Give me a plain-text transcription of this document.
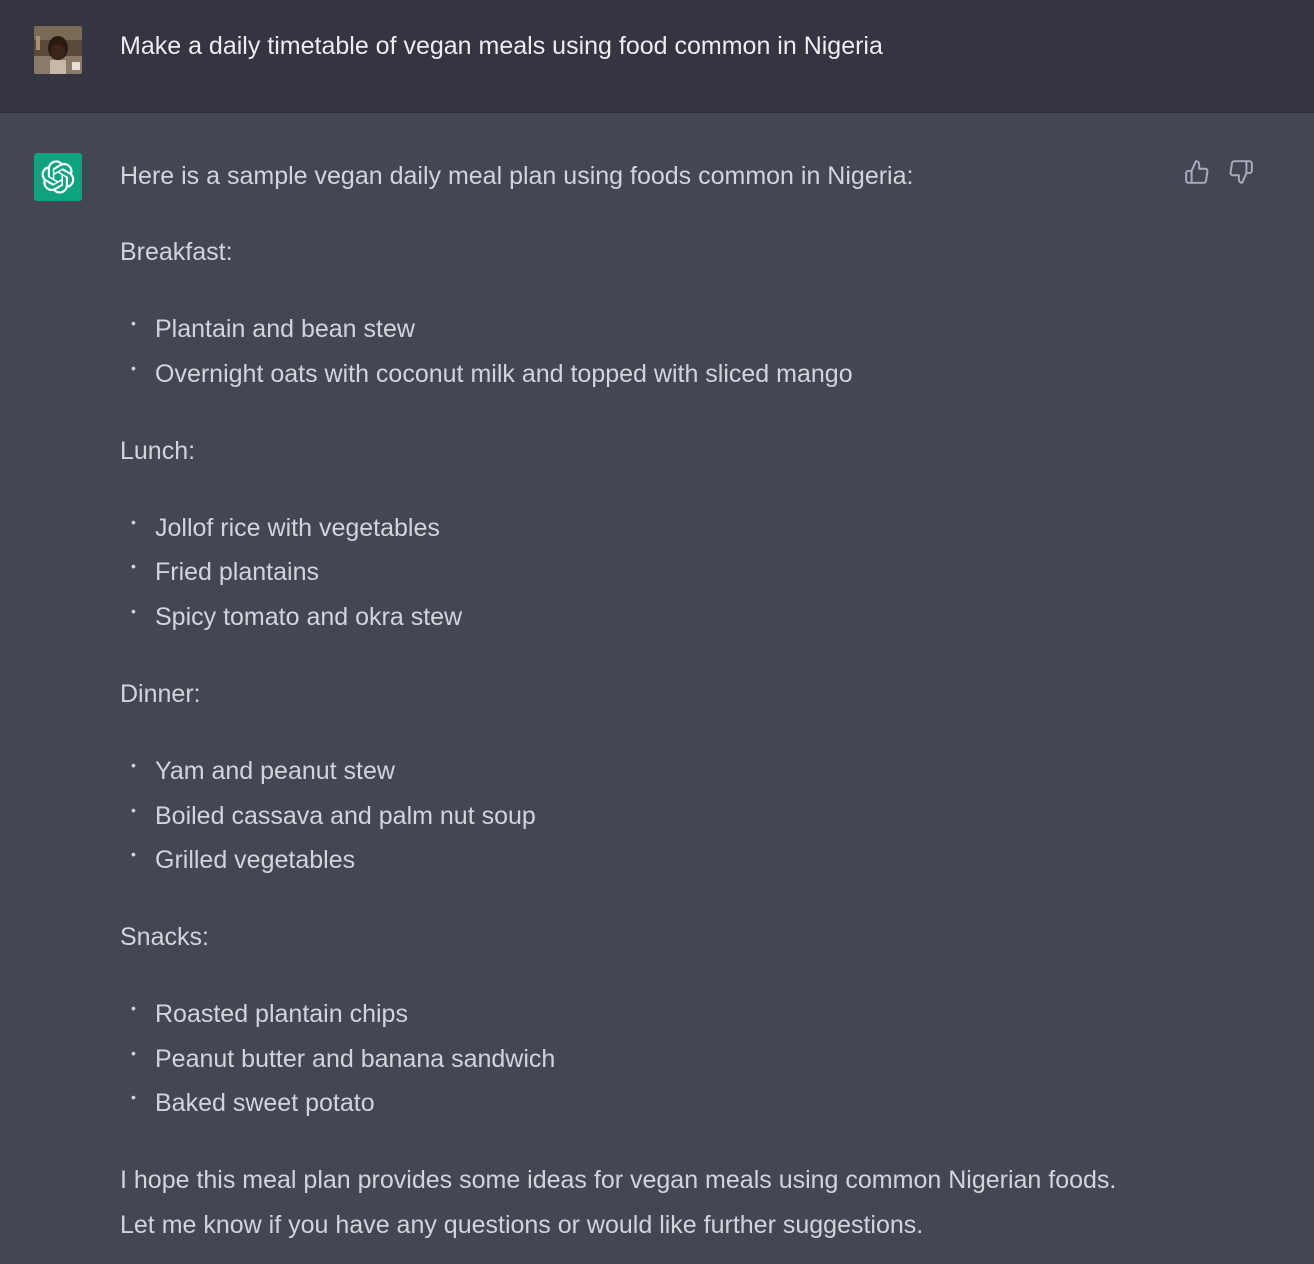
Make a daily timetable of vegan meals using food common in Nigeria
Here is a sample vegan daily meal plan using foods common in Nigeria:
Breakfast:
• Plantain and bean stew
• Overnight oats with coconut milk and topped with sliced mango
Lunch:
• Jollof rice with vegetables
• Fried plantains
• Spicy tomato and okra stew
Dinner:
• Yam and peanut stew
• Boiled cassava and palm nut soup
• Grilled vegetables
Snacks:
• Roasted plantain chips
• Peanut butter and banana sandwich
• Baked sweet potato
I hope this meal plan provides some ideas for vegan meals using common Nigerian foods.
Let me know if you have any questions or would like further suggestions.
